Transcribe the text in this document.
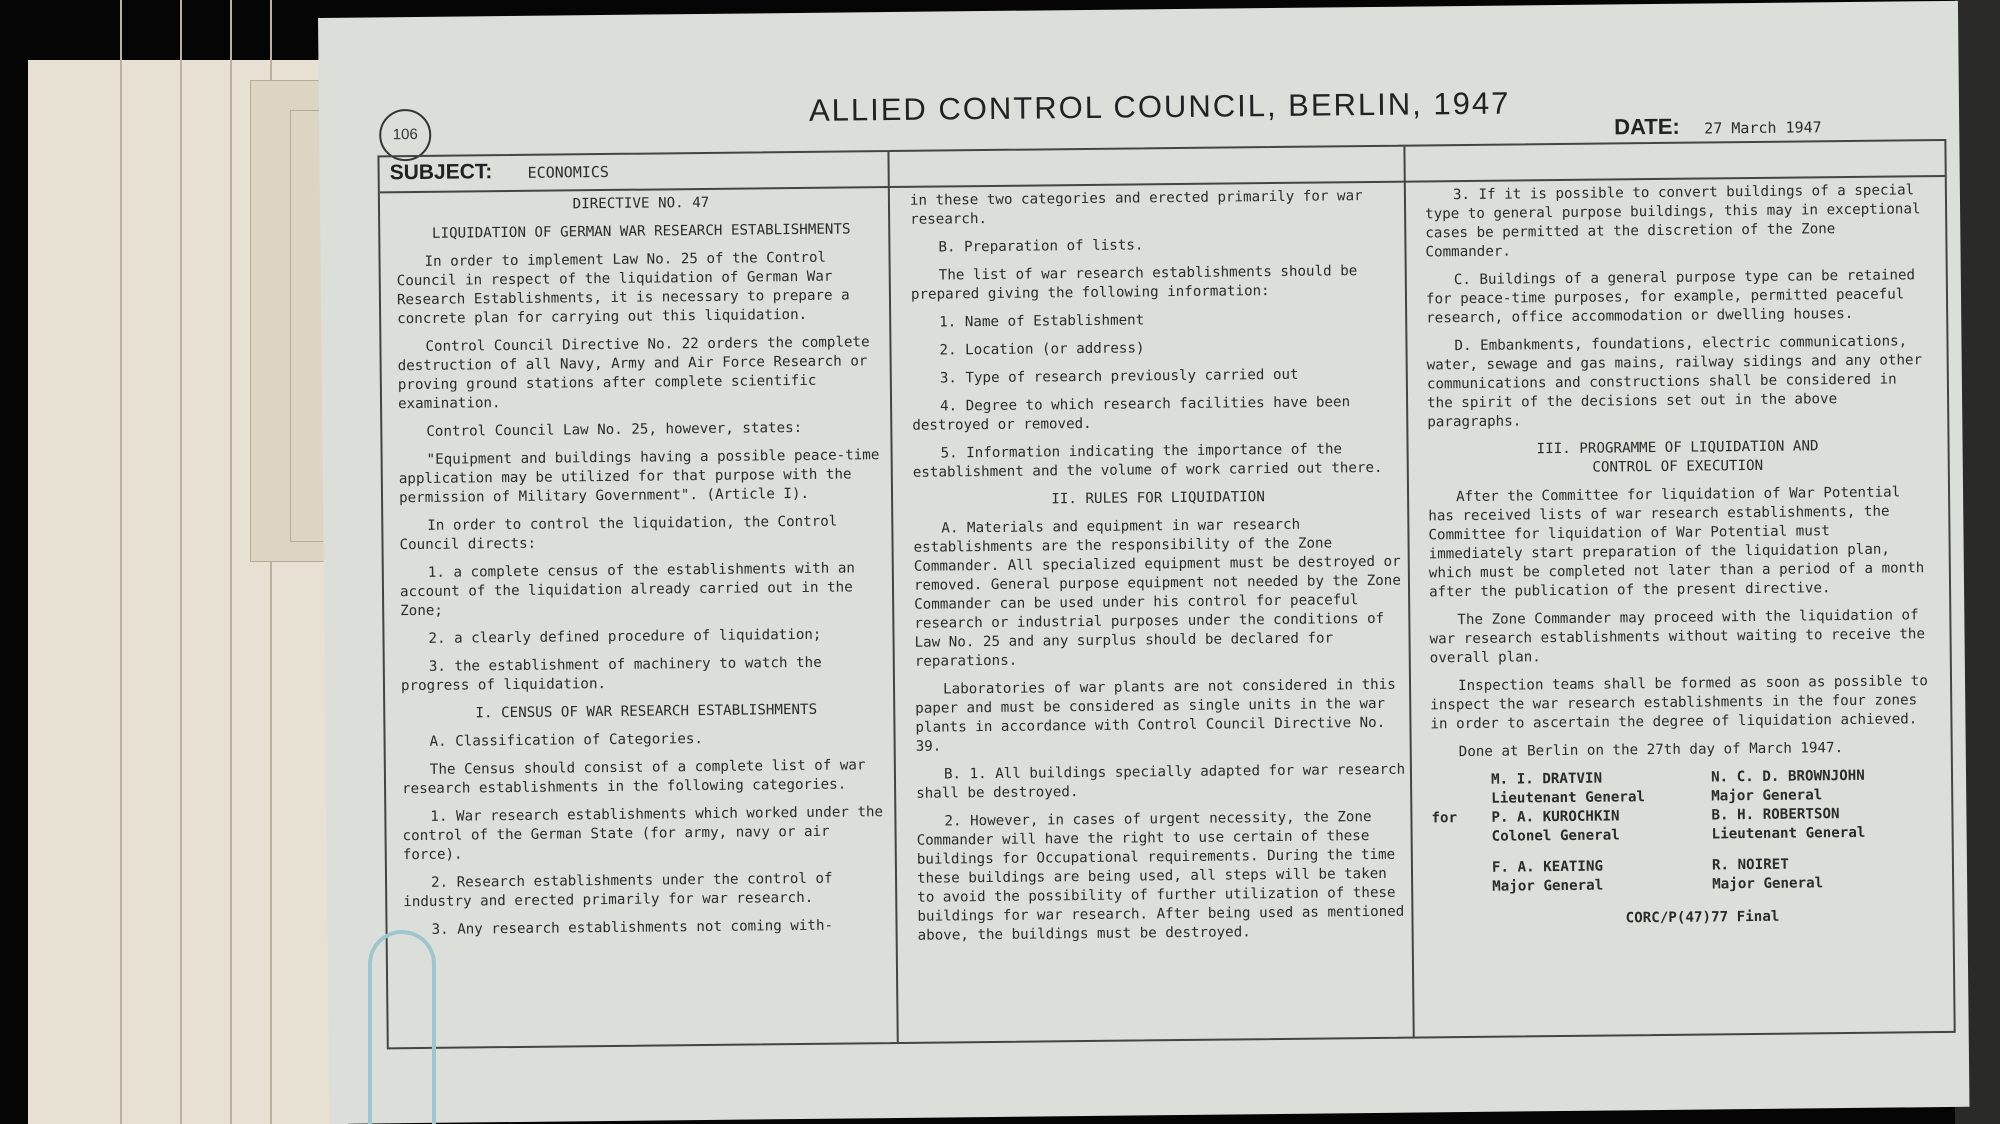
106
ALLIED CONTROL COUNCIL, BERLIN, 1947	DATE: 27 March 1947
SUBJECT: ECONOMICS

DIRECTIVE NO. 47

LIQUIDATION OF GERMAN WAR RESEARCH ESTABLISHMENTS

In order to implement Law No. 25 of the Control Council in respect of the liquidation of German War Research Establishments, it is necessary to prepare a concrete plan for carrying out this liquidation.

Control Council Directive No. 22 orders the complete destruction of all Navy, Army and Air Force Research or proving ground stations after complete scientific examination.

Control Council Law No. 25, however, states:

"Equipment and buildings having a possible peace-time application may be utilized for that purpose with the permission of Military Government". (Article I).

In order to control the liquidation, the Control Council directs:

1. a complete census of the establishments with an account of the liquidation already carried out in the Zone;

2. a clearly defined procedure of liquidation;

3. the establishment of machinery to watch the progress of liquidation.

I. CENSUS OF WAR RESEARCH ESTABLISHMENTS

A. Classification of Categories.

The Census should consist of a complete list of war research establishments in the following categories.

1. War research establishments which worked under the control of the German State (for army, navy or air force).

2. Research establishments under the control of industry and erected primarily for war research.

3. Any research establishments not coming with-

in these two categories and erected primarily for war research.

B. Preparation of lists.

The list of war research establishments should be prepared giving the following information:

1. Name of Establishment

2. Location (or address)

3. Type of research previously carried out

4. Degree to which research facilities have been destroyed or removed.

5. Information indicating the importance of the establishment and the volume of work carried out there.

II. RULES FOR LIQUIDATION

A. Materials and equipment in war research establishments are the responsibility of the Zone Commander. All specialized equipment must be destroyed or removed. General purpose equipment not needed by the Zone Commander can be used under his control for peaceful research or industrial purposes under the conditions of Law No. 25 and any surplus should be declared for reparations.

Laboratories of war plants are not considered in this paper and must be considered as single units in the war plants in accordance with Control Council Directive No. 39.

B. 1. All buildings specially adapted for war research shall be destroyed.

2. However, in cases of urgent necessity, the Zone Commander will have the right to use certain of these buildings for Occupational requirements. During the time these buildings are being used, all steps will be taken to avoid the possibility of further utilization of these buildings for war research. After being used as mentioned above, the buildings must be destroyed.

3. If it is possible to convert buildings of a special type to general purpose buildings, this may in exceptional cases be permitted at the discretion of the Zone Commander.

C. Buildings of a general purpose type can be retained for peace-time purposes, for example, permitted peaceful research, office accommodation or dwelling houses.

D. Embankments, foundations, electric communications, water, sewage and gas mains, railway sidings and any other communications and constructions shall be considered in the spirit of the decisions set out in the above paragraphs.

III. PROGRAMME OF LIQUIDATION AND

CONTROL OF EXECUTION

After the Committee for liquidation of War Potential has received lists of war research establishments, the Committee for liquidation of War Potential must immediately start preparation of the liquidation plan, which must be completed not later than a period of a month after the publication of the present directive.

The Zone Commander may proceed with the liquidation of war research establishments without waiting to receive the overall plan.

Inspection teams shall be formed as soon as possible to inspect the war research establishments in the four zones in order to ascertain the degree of liquidation achieved.

Done at Berlin on the 27th day of March 1947.

M. I. DRATVIN	N. C. D. BROWNJOHN
Lieutenant General	Major General
for	P. A. KUROCHKIN	B. H. ROBERTSON
Colonel General	Lieutenant General
F. A. KEATING	R. NOIRET
Major General	Major General
CORC/P(47)77 Final
